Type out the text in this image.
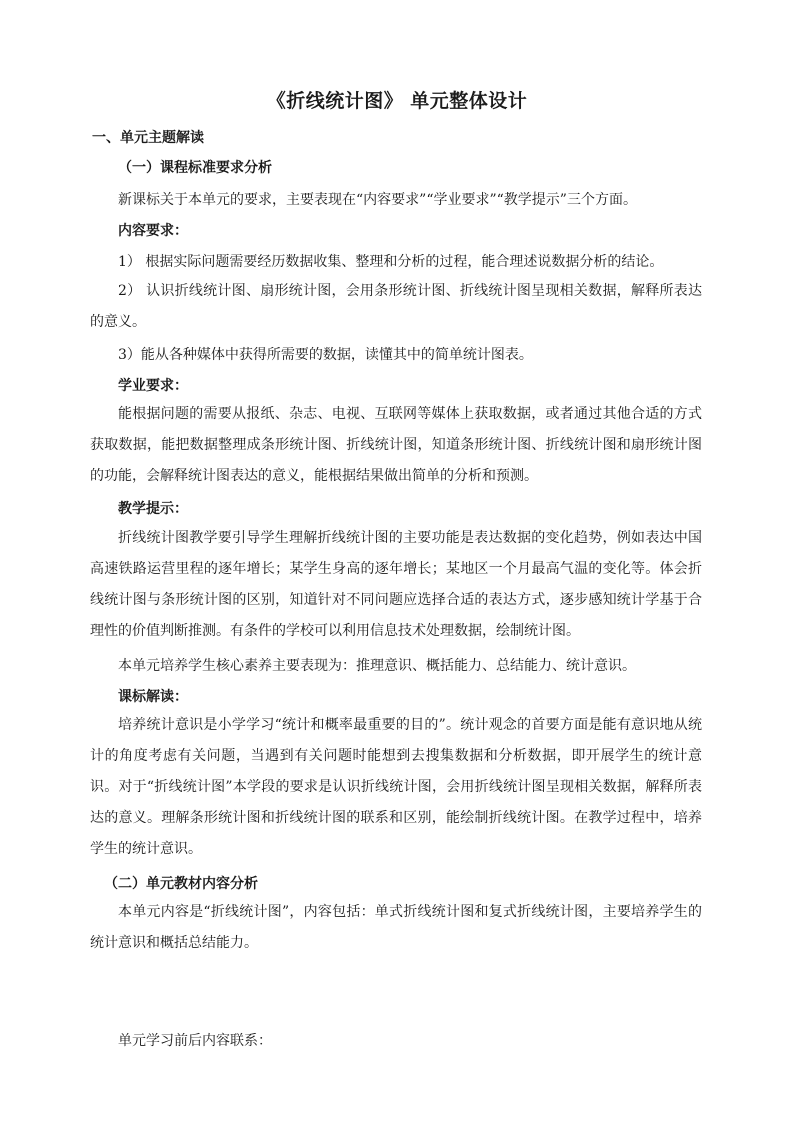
《折线统计图》 单元整体设计
一、单元主题解读
（一）课程标准要求分析
新课标关于本单元的要求，主要表现在“内容要求”“学业要求”“教学提示”三个方面。
内容要求：
1） 根据实际问题需要经历数据收集、整理和分析的过程，能合理述说数据分析的结论。

2） 认识折线统计图、扇形统计图，会用条形统计图、折线统计图呈现相关数据，解释所表达的意义。

3）能从各种媒体中获得所需要的数据，读懂其中的简单统计图表。
学业要求：

能根据问题的需要从报纸、杂志、电视、互联网等媒体上获取数据，或者通过其他合适的方式获取数据，能把数据整理成条形统计图、折线统计图，知道条形统计图、折线统计图和扇形统计图的功能，会解释统计图表达的意义，能根据结果做出简单的分析和预测。

教学提示：

折线统计图教学要引导学生理解折线统计图的主要功能是表达数据的变化趋势，例如表达中国高速铁路运营里程的逐年增长；某学生身高的逐年增长；某地区一个月最高气温的变化等。体会折线统计图与条形统计图的区别，知道针对不同问题应选择合适的表达方式，逐步感知统计学基于合理性的价值判断推测。有条件的学校可以利用信息技术处理数据，绘制统计图。

本单元培养学生核心素养主要表现为：推理意识、概括能力、总结能力、统计意识。
课标解读：

培养统计意识是小学学习“统计和概率最重要的目的”。统计观念的首要方面是能有意识地从统计的角度考虑有关问题，当遇到有关问题时能想到去搜集数据和分析数据，即开展学生的统计意识。对于“折线统计图”本学段的要求是认识折线统计图，会用折线统计图呈现相关数据，解释所表达的意义。理解条形统计图和折线统计图的联系和区别，能绘制折线统计图。在教学过程中，培养学生的统计意识。

（二）单元教材内容分析

本单元内容是“折线统计图”，内容包括：单式折线统计图和复式折线统计图，主要培养学生的统计意识和概括总结能力。

单元学习前后内容联系：
